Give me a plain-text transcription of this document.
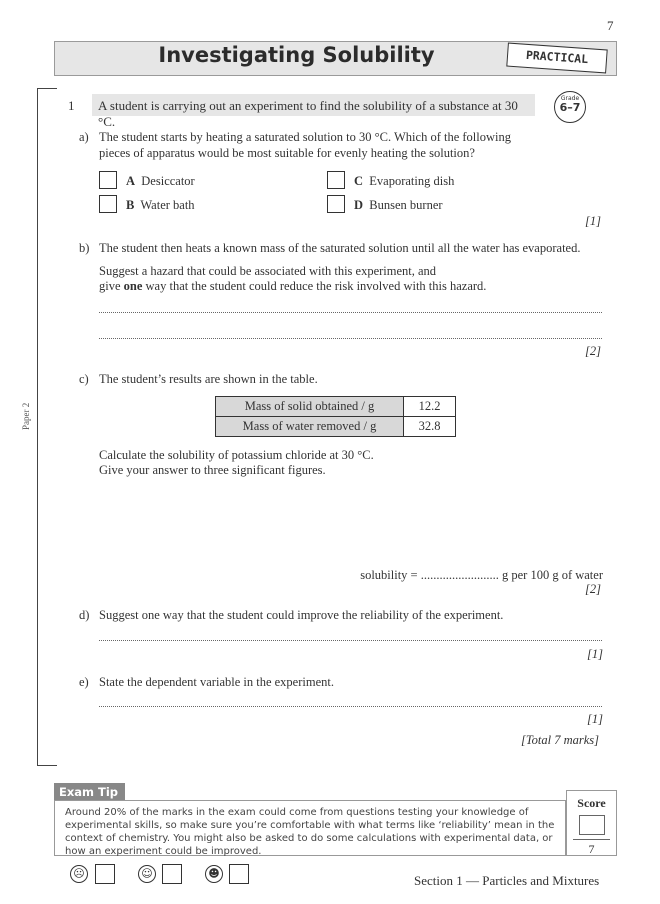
7
Investigating Solubility	PRACTICAL
Paper 2
1	A student is carrying out an experiment to find the solubility of a substance at 30 °C.
Grade
6–7
a) The student starts by heating a saturated solution to 30 °C. Which of the following
pieces of apparatus would be most suitable for evenly heating the solution?
A Desiccator
B Water bath
C Evaporating dish
D Bunsen burner
[1]
b) The student then heats a known mass of the saturated solution until all the water has evaporated.
Suggest a hazard that could be associated with this experiment, and
give one way that the student could reduce the risk involved with this hazard.
[2]
c) The student’s results are shown in the table.
Mass of solid obtained / g	12.2
Mass of water removed / g	32.8
Calculate the solubility of potassium chloride at 30 °C.
Give your answer to three significant figures.
solubility = ......................... g per 100 g of water
[2]
d) Suggest one way that the student could improve the reliability of the experiment.
[1]
e) State the dependent variable in the experiment.
[1]
[Total 7 marks]
Exam Tip
Around 20% of the marks in the exam could come from questions testing your knowledge of experimental skills, so make sure you’re comfortable with what terms like ‘reliability’ mean in the context of chemistry. You might also be asked to do some calculations with experimental data, or how an experiment could be improved.
Score
7
☹	☺	☻	Section 1 — Particles and Mixtures
